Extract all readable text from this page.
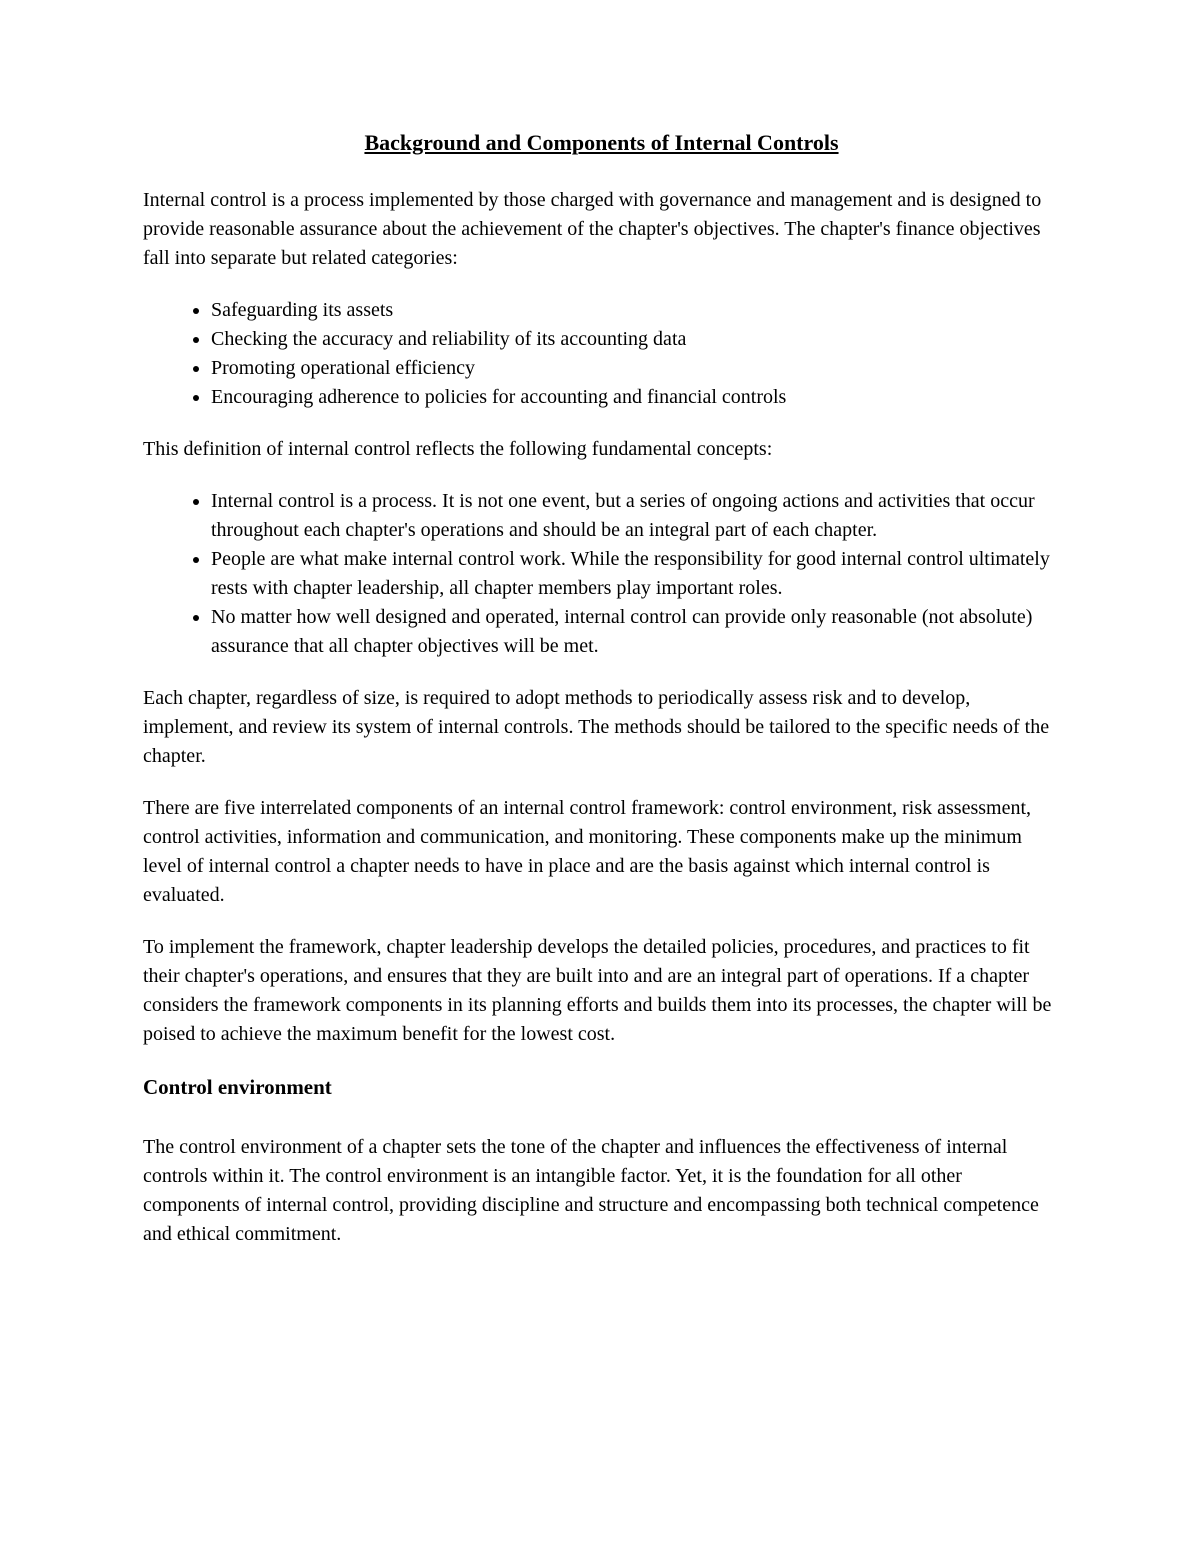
Background and Components of Internal Controls

Internal control is a process implemented by those charged with governance and management and is designed to provide reasonable assurance about the achievement of the chapter's objectives. The chapter's finance objectives fall into separate but related categories:

• Safeguarding its assets
• Checking the accuracy and reliability of its accounting data
• Promoting operational efficiency
• Encouraging adherence to policies for accounting and financial controls

This definition of internal control reflects the following fundamental concepts:

• Internal control is a process. It is not one event, but a series of ongoing actions and activities that occur throughout each chapter's operations and should be an integral part of each chapter.
• People are what make internal control work. While the responsibility for good internal control ultimately rests with chapter leadership, all chapter members play important roles.
• No matter how well designed and operated, internal control can provide only reasonable (not absolute) assurance that all chapter objectives will be met.

Each chapter, regardless of size, is required to adopt methods to periodically assess risk and to develop, implement, and review its system of internal controls. The methods should be tailored to the specific needs of the chapter.

There are five interrelated components of an internal control framework: control environment, risk assessment, control activities, information and communication, and monitoring. These components make up the minimum level of internal control a chapter needs to have in place and are the basis against which internal control is evaluated.

To implement the framework, chapter leadership develops the detailed policies, procedures, and practices to fit their chapter's operations, and ensures that they are built into and are an integral part of operations. If a chapter considers the framework components in its planning efforts and builds them into its processes, the chapter will be poised to achieve the maximum benefit for the lowest cost.

Control environment

The control environment of a chapter sets the tone of the chapter and influences the effectiveness of internal controls within it. The control environment is an intangible factor. Yet, it is the foundation for all other components of internal control, providing discipline and structure and encompassing both technical competence and ethical commitment.
